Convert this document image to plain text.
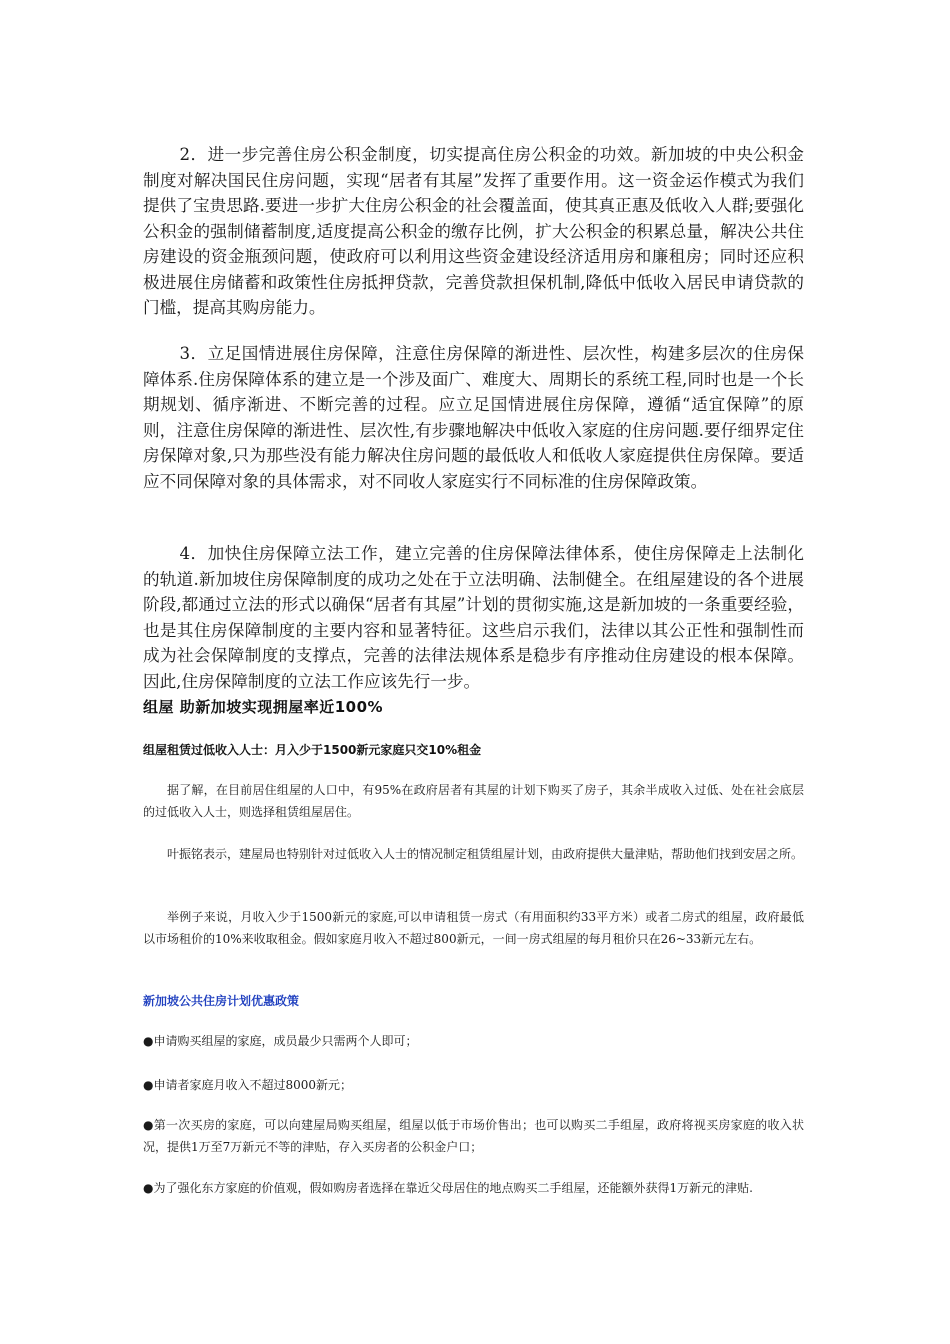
2．进一步完善住房公积金制度，切实提高住房公积金的功效。新加坡的中央公积金制度对解决国民住房问题，实现“居者有其屋”发挥了重要作用。这一资金运作模式为我们提供了宝贵思路.要进一步扩大住房公积金的社会覆盖面，使其真正惠及低收入人群;要强化公积金的强制储蓄制度,适度提高公积金的缴存比例，扩大公积金的积累总量，解决公共住房建设的资金瓶颈问题，使政府可以利用这些资金建设经济适用房和廉租房；同时还应积极进展住房储蓄和政策性住房抵押贷款，完善贷款担保机制,降低中低收入居民申请贷款的门槛，提高其购房能力。

3．立足国情进展住房保障，注意住房保障的渐进性、层次性，构建多层次的住房保障体系.住房保障体系的建立是一个涉及面广、难度大、周期长的系统工程,同时也是一个长期规划、循序渐进、不断完善的过程。应立足国情进展住房保障，遵循“适宜保障”的原则，注意住房保障的渐进性、层次性,有步骤地解决中低收入家庭的住房问题.要仔细界定住房保障对象,只为那些没有能力解决住房问题的最低收人和低收人家庭提供住房保障。要适应不同保障对象的具体需求，对不同收人家庭实行不同标准的住房保障政策。

4．加快住房保障立法工作，建立完善的住房保障法律体系，使住房保障走上法制化的轨道.新加坡住房保障制度的成功之处在于立法明确、法制健全。在组屋建设的各个进展阶段,都通过立法的形式以确保“居者有其屋”计划的贯彻实施,这是新加坡的一条重要经验，也是其住房保障制度的主要内容和显著特征。这些启示我们，法律以其公正性和强制性而成为社会保障制度的支撑点，完善的法律法规体系是稳步有序推动住房建设的根本保障。因此,住房保障制度的立法工作应该先行一步。

组屋 助新加坡实现拥屋率近100%

组屋租赁过低收入人士：月入少于1500新元家庭只交10%租金

据了解，在目前居住组屋的人口中，有95%在政府居者有其屋的计划下购买了房子，其余半成收入过低、处在社会底层的过低收入人士，则选择租赁组屋居住。

叶振铭表示，建屋局也特别针对过低收入人士的情况制定租赁组屋计划，由政府提供大量津贴，帮助他们找到安居之所。

举例子来说，月收入少于1500新元的家庭,可以申请租赁一房式（有用面积约33平方米）或者二房式的组屋，政府最低以市场租价的10%来收取租金。假如家庭月收入不超过800新元，一间一房式组屋的每月租价只在26~33新元左右。

新加坡公共住房计划优惠政策

●申请购买组屋的家庭，成员最少只需两个人即可；

●申请者家庭月收入不超过8000新元；

●第一次买房的家庭，可以向建屋局购买组屋，组屋以低于市场价售出；也可以购买二手组屋，政府将视买房家庭的收入状况，提供1万至7万新元不等的津贴，存入买房者的公积金户口；

●为了强化东方家庭的价值观，假如购房者选择在靠近父母居住的地点购买二手组屋，还能额外获得1万新元的津贴.
